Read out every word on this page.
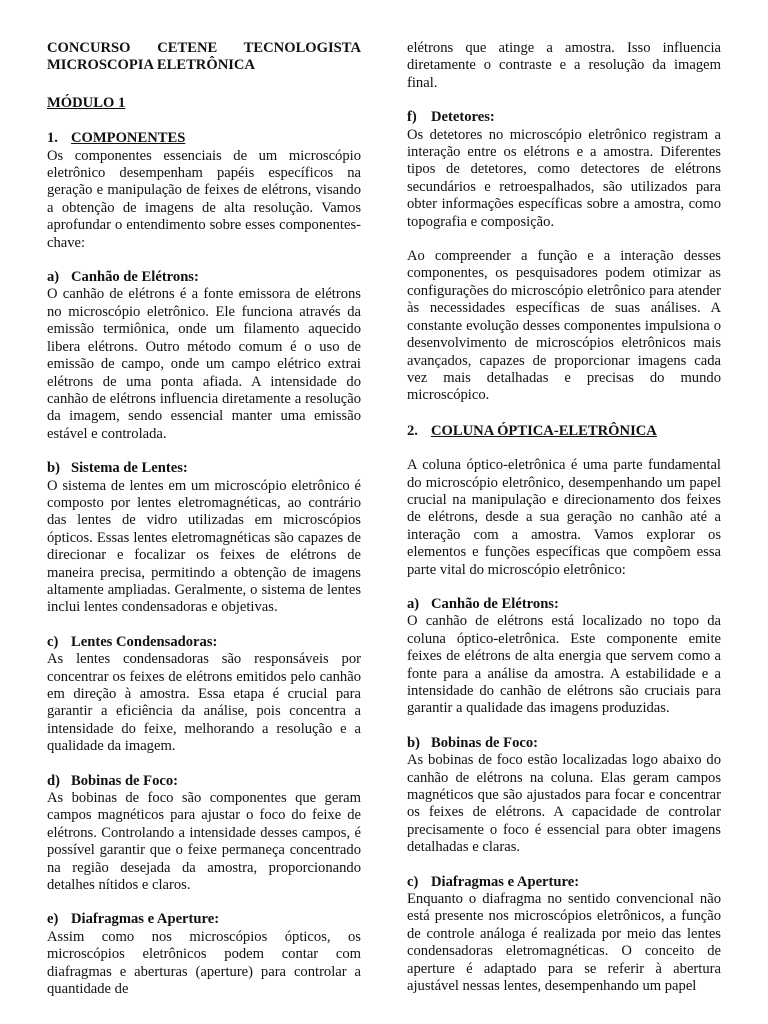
CONCURSO CETENE TECNOLOGISTA MICROSCOPIA ELETRÔNICA

MÓDULO 1

1. COMPONENTES

Os componentes essenciais de um microscópio eletrônico desempenham papéis específicos na geração e manipulação de feixes de elétrons, visando a obtenção de imagens de alta resolução. Vamos aprofundar o entendimento sobre esses componentes-chave:

a) Canhão de Elétrons:

O canhão de elétrons é a fonte emissora de elétrons no microscópio eletrônico. Ele funciona através da emissão termiônica, onde um filamento aquecido libera elétrons. Outro método comum é o uso de emissão de campo, onde um campo elétrico extrai elétrons de uma ponta afiada. A intensidade do canhão de elétrons influencia diretamente a resolução da imagem, sendo essencial manter uma emissão estável e controlada.

b) Sistema de Lentes:

O sistema de lentes em um microscópio eletrônico é composto por lentes eletromagnéticas, ao contrário das lentes de vidro utilizadas em microscópios ópticos. Essas lentes eletromagnéticas são capazes de direcionar e focalizar os feixes de elétrons de maneira precisa, permitindo a obtenção de imagens altamente ampliadas. Geralmente, o sistema de lentes inclui lentes condensadoras e objetivas.

c) Lentes Condensadoras:

As lentes condensadoras são responsáveis por concentrar os feixes de elétrons emitidos pelo canhão em direção à amostra. Essa etapa é crucial para garantir a eficiência da análise, pois concentra a intensidade do feixe, melhorando a resolução e a qualidade da imagem.

d) Bobinas de Foco:

As bobinas de foco são componentes que geram campos magnéticos para ajustar o foco do feixe de elétrons. Controlando a intensidade desses campos, é possível garantir que o feixe permaneça concentrado na região desejada da amostra, proporcionando detalhes nítidos e claros.

e) Diafragmas e Aperture:

Assim como nos microscópios ópticos, os microscópios eletrônicos podem contar com diafragmas e aberturas (aperture) para controlar a quantidade de

elétrons que atinge a amostra. Isso influencia diretamente o contraste e a resolução da imagem final.

f) Detetores:

Os detetores no microscópio eletrônico registram a interação entre os elétrons e a amostra. Diferentes tipos de detetores, como detectores de elétrons secundários e retroespalhados, são utilizados para obter informações específicas sobre a amostra, como topografia e composição.

Ao compreender a função e a interação desses componentes, os pesquisadores podem otimizar as configurações do microscópio eletrônico para atender às necessidades específicas de suas análises. A constante evolução desses componentes impulsiona o desenvolvimento de microscópios eletrônicos mais avançados, capazes de proporcionar imagens cada vez mais detalhadas e precisas do mundo microscópico.

2. COLUNA ÓPTICA-ELETRÔNICA

A coluna óptico-eletrônica é uma parte fundamental do microscópio eletrônico, desempenhando um papel crucial na manipulação e direcionamento dos feixes de elétrons, desde a sua geração no canhão até a interação com a amostra. Vamos explorar os elementos e funções específicas que compõem essa parte vital do microscópio eletrônico:

a) Canhão de Elétrons:

O canhão de elétrons está localizado no topo da coluna óptico-eletrônica. Este componente emite feixes de elétrons de alta energia que servem como a fonte para a análise da amostra. A estabilidade e a intensidade do canhão de elétrons são cruciais para garantir a qualidade das imagens produzidas.

b) Bobinas de Foco:

As bobinas de foco estão localizadas logo abaixo do canhão de elétrons na coluna. Elas geram campos magnéticos que são ajustados para focar e concentrar os feixes de elétrons. A capacidade de controlar precisamente o foco é essencial para obter imagens detalhadas e claras.

c) Diafragmas e Aperture:

Enquanto o diafragma no sentido convencional não está presente nos microscópios eletrônicos, a função de controle análoga é realizada por meio das lentes condensadoras eletromagnéticas. O conceito de aperture é adaptado para se referir à abertura ajustável nessas lentes, desempenhando um papel
